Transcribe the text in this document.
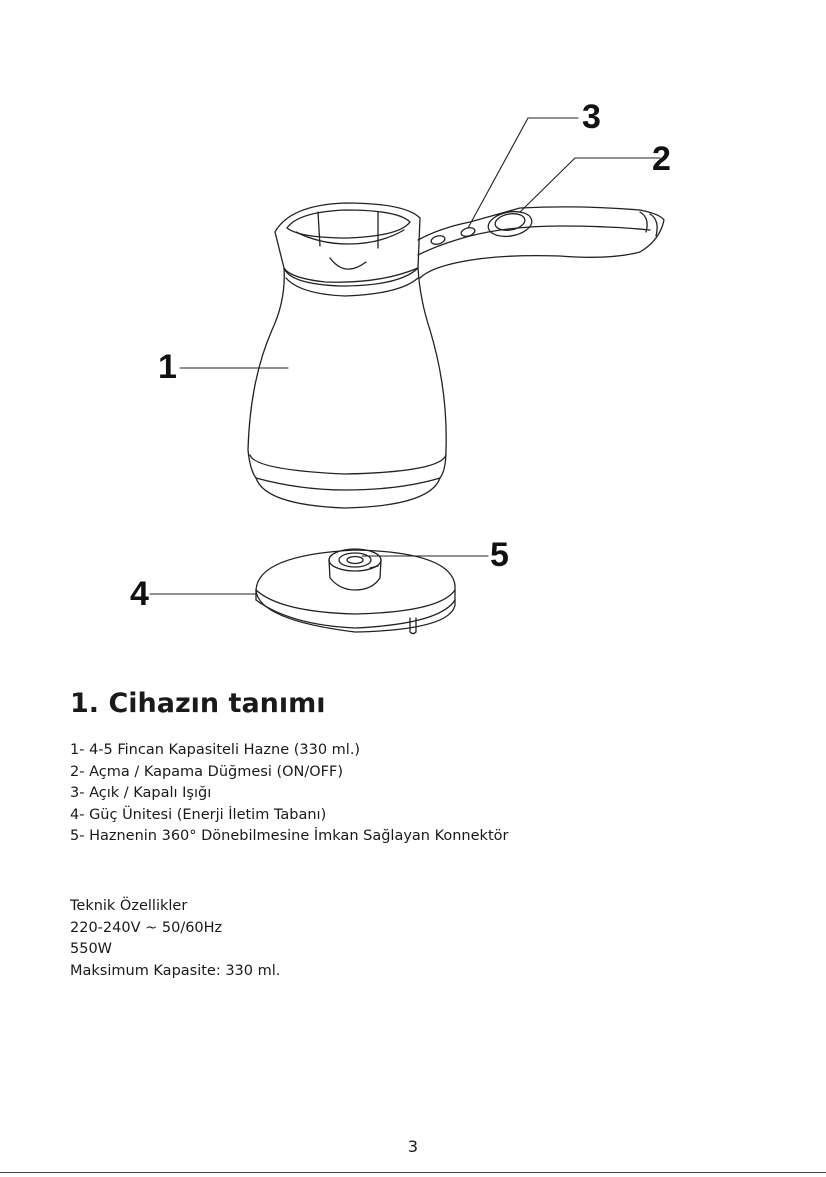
1
2
3
4
5
1. Cihazın tanımı
1- 4-5 Fincan Kapasiteli Hazne (330 ml.)
2- Açma / Kapama Düğmesi (ON/OFF)
3- Açık / Kapalı Işığı
4- Güç Ünitesi (Enerji İletim Tabanı)
5- Haznenin 360° Dönebilmesine İmkan Sağlayan Konnektör
Teknik Özellikler
220-240V ~ 50/60Hz
550W
Maksimum Kapasite: 330 ml.
3
